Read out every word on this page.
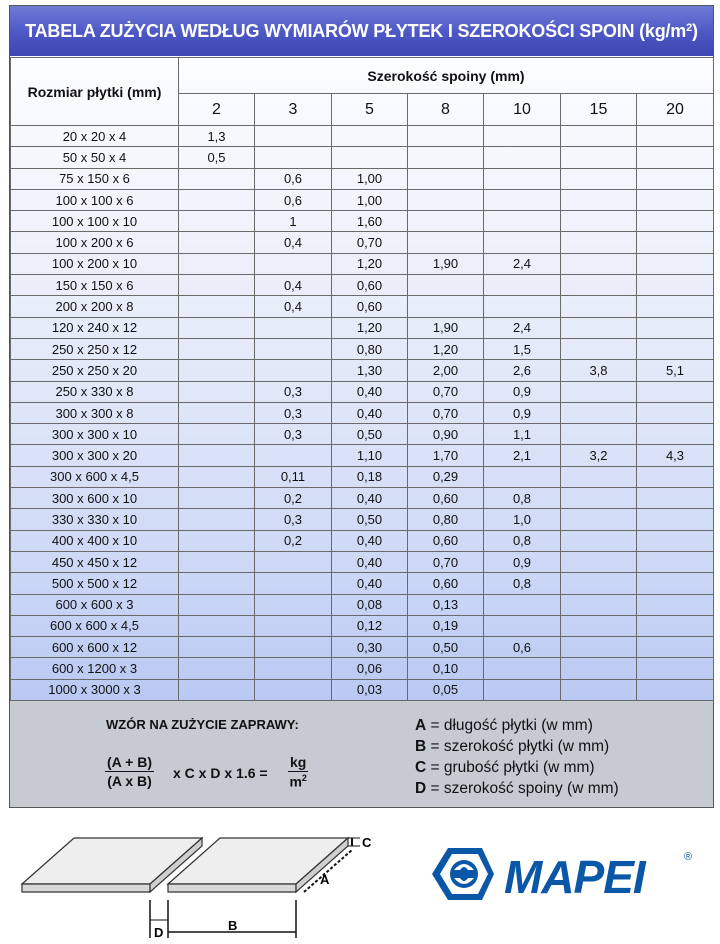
TABELA ZUŻYCIA WEDŁUG WYMIARÓW PŁYTEK I SZEROKOŚCI SPOIN ($kg/m^2$ )
Rozmiar płytki (mm)	Szerokość spoiny (mm)						
	2	3	5	8	10	15	20
20 x 20 x 4	1,3						
50 x 50 x 4	0,5						
75 x 150 x 6		0,6	1,00				
100 x 100 x 6		0,6	1,00				
100 x 100 x 10		1	1,60				
100 x 200 x 6		0,4	0,70				
100 x 200 x 10			1,20	1,90	2,4		
150 x 150 x 6		0,4	0,60				
200 x 200 x 8		0,4	0,60				
120 x 240 x 12			1,20	1,90	2,4		
250 x 250 x 12			0,80	1,20	1,5		
250 x 250 x 20			1,30	2,00	2,6	3,8	5,1
250 x 330 x 8		0,3	0,40	0,70	0,9		
300 x 300 x 8		0,3	0,40	0,70	0,9		
300 x 300 x 10		0,3	0,50	0,90	1,1		
300 x 300 x 20			1,10	1,70	2,1	3,2	4,3
300 x 600 x 4,5		0,11	0,18	0,29			
300 x 600 x 10		0,2	0,40	0,60	0,8		
330 x 330 x 10		0,3	0,50	0,80	1,0		
400 x 400 x 10		0,2	0,40	0,60	0,8		
450 x 450 x 12			0,40	0,70	0,9		
500 x 500 x 12			0,40	0,60	0,8		
600 x 600 x 3			0,08	0,13			
600 x 600 x 4,5			0,12	0,19			
600 x 600 x 12			0,30	0,50	0,6		
600 x 1200 x 3			0,06	0,10			
1000 x 3000 x 3			0,03	0,05			
WZÓR NA ZUŻYCIE ZAPRAWY:
$\frac{(A + B)}{\text{(A x B)}}$ x C x D x $1.6 = \frac{kg}{m^2}$
A = długość płytki (w mm)
B = szerokość płytki (w mm)
C = grubość płytki (w mm)
D = szerokość spoiny (w mm)
C
A
D	B
MAPEI	®
